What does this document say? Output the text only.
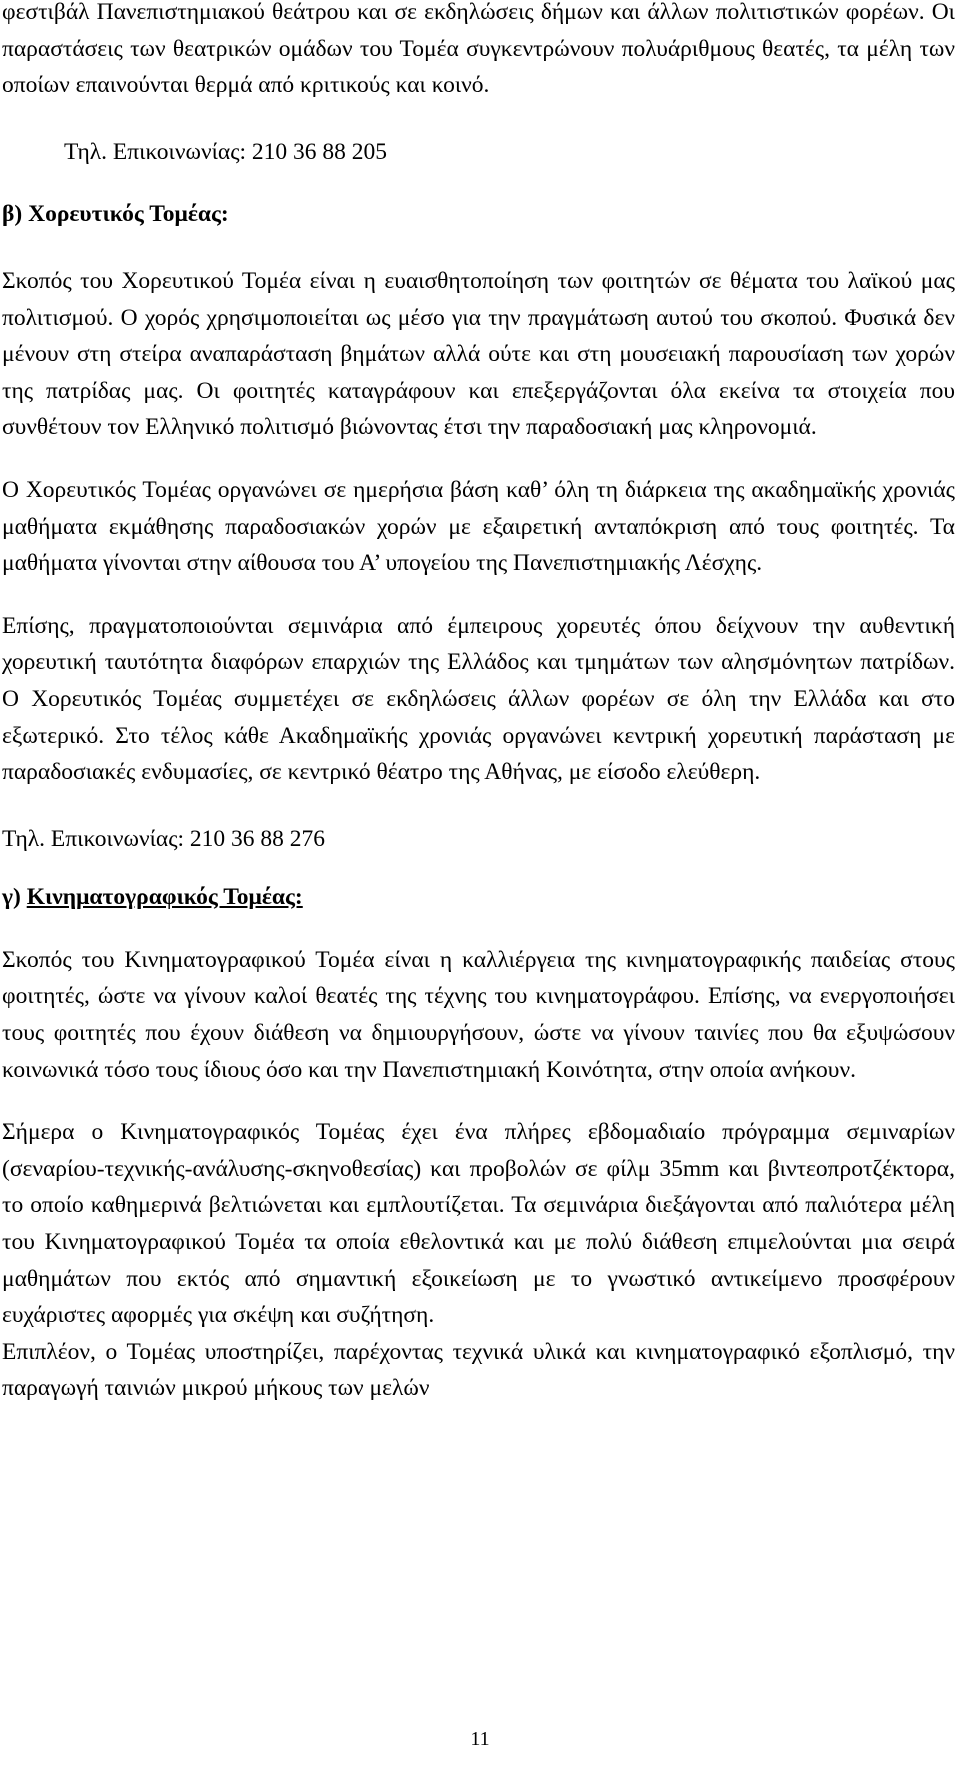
φεστιβάλ Πανεπιστημιακού θεάτρου και σε εκδηλώσεις δήμων και άλλων πολιτιστικών φορέων. Οι παραστάσεις των θεατρικών ομάδων του Τομέα συγκεντρώνουν πολυάριθμους θεατές, τα μέλη των οποίων επαινούνται θερμά από κριτικούς και κοινό.

Τηλ. Επικοινωνίας: 210 36 88 205

β) Χορευτικός Τομέας:

Σκοπός του Χορευτικού Τομέα είναι η ευαισθητοποίηση των φοιτητών σε θέματα του λαϊκού μας πολιτισμού. Ο χορός χρησιμοποιείται ως μέσο για την πραγμάτωση αυτού του σκοπού. Φυσικά δεν μένουν στη στείρα αναπαράσταση βημάτων αλλά ούτε και στη μουσειακή παρουσίαση των χορών της πατρίδας μας. Οι φοιτητές καταγράφουν και επεξεργάζονται όλα εκείνα τα στοιχεία που συνθέτουν τον Ελληνικό πολιτισμό βιώνοντας έτσι την παραδοσιακή μας κληρονομιά.

Ο Χορευτικός Τομέας οργανώνει σε ημερήσια βάση καθ’ όλη τη διάρκεια της ακαδημαϊκής χρονιάς μαθήματα εκμάθησης παραδοσιακών χορών με εξαιρετική ανταπόκριση από τους φοιτητές. Τα μαθήματα γίνονται στην αίθουσα του Α’ υπογείου της Πανεπιστημιακής Λέσχης.

Επίσης, πραγματοποιούνται σεμινάρια από έμπειρους χορευτές όπου δείχνουν την αυθεντική χορευτική ταυτότητα διαφόρων επαρχιών της Ελλάδος και τμημάτων των αλησμόνητων πατρίδων. Ο Χορευτικός Τομέας συμμετέχει σε εκδηλώσεις άλλων φορέων σε όλη την Ελλάδα και στο εξωτερικό. Στο τέλος κάθε Ακαδημαϊκής χρονιάς οργανώνει κεντρική χορευτική παράσταση με παραδοσιακές ενδυμασίες, σε κεντρικό θέατρο της Αθήνας, με είσοδο ελεύθερη.

Τηλ. Επικοινωνίας: 210 36 88 276

γ) Κινηματογραφικός Τομέας:

Σκοπός του Κινηματογραφικού Τομέα είναι η καλλιέργεια της κινηματογραφικής παιδείας στους φοιτητές, ώστε να γίνουν καλοί θεατές της τέχνης του κινηματογράφου. Επίσης, να ενεργοποιήσει τους φοιτητές που έχουν διάθεση να δημιουργήσουν, ώστε να γίνουν ταινίες που θα εξυψώσουν κοινωνικά τόσο τους ίδιους όσο και την Πανεπιστημιακή Κοινότητα, στην οποία ανήκουν.

Σήμερα ο Κινηματογραφικός Τομέας έχει ένα πλήρες εβδομαδιαίο πρόγραμμα σεμιναρίων (σεναρίου-τεχνικής-ανάλυσης-σκηνοθεσίας) και προβολών σε φίλμ 35mm και βιντεοπροτζέκτορα, το οποίο καθημερινά βελτιώνεται και εμπλουτίζεται. Τα σεμινάρια διεξάγονται από παλιότερα μέλη του Κινηματογραφικού Τομέα τα οποία εθελοντικά και με πολύ διάθεση επιμελούνται μια σειρά μαθημάτων που εκτός από σημαντική εξοικείωση με το γνωστικό αντικείμενο προσφέρουν ευχάριστες αφορμές για σκέψη και συζήτηση.

Επιπλέον, ο Τομέας υποστηρίζει, παρέχοντας τεχνικά υλικά και κινηματογραφικό εξοπλισμό, την παραγωγή ταινιών μικρού μήκους των μελών

11
